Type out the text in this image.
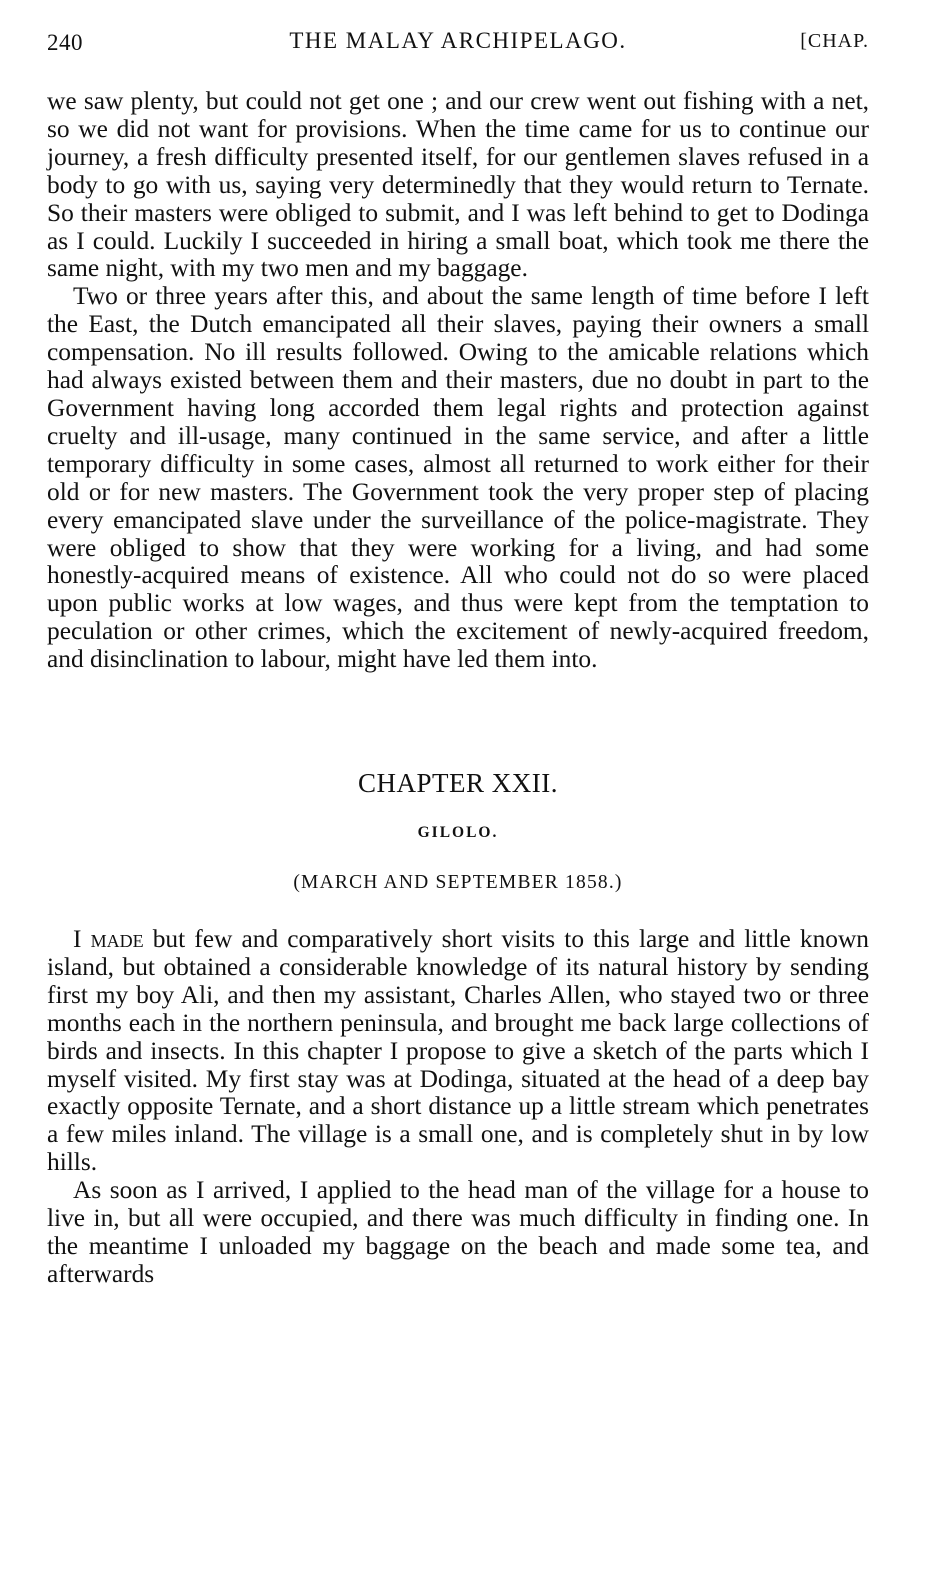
240	THE MALAY ARCHIPELAGO.	[CHAP.

we saw plenty, but could not get one ; and our crew went out fishing with a net, so we did not want for provisions. When the time came for us to continue our journey, a fresh difficulty presented itself, for our gentlemen slaves refused in a body to go with us, saying very determinedly that they would return to Ternate. So their masters were obliged to submit, and I was left behind to get to Dodinga as I could. Luckily I succeeded in hiring a small boat, which took me there the same night, with my two men and my baggage.

Two or three years after this, and about the same length of time before I left the East, the Dutch emancipated all their slaves, paying their owners a small compensation. No ill results followed. Owing to the amicable relations which had always existed between them and their masters, due no doubt in part to the Government having long accorded them legal rights and protection against cruelty and ill-usage, many continued in the same service, and after a little temporary difficulty in some cases, almost all returned to work either for their old or for new masters. The Government took the very proper step of placing every emancipated slave under the surveillance of the police-magistrate. They were obliged to show that they were working for a living, and had some honestly-acquired means of existence. All who could not do so were placed upon public works at low wages, and thus were kept from the temptation to peculation or other crimes, which the excitement of newly-acquired freedom, and disinclination to labour, might have led them into.

CHAPTER XXII.
GILOLO.
(MARCH AND SEPTEMBER 1858.)

I made but few and comparatively short visits to this large and little known island, but obtained a considerable knowledge of its natural history by sending first my boy Ali, and then my assistant, Charles Allen, who stayed two or three months each in the northern peninsula, and brought me back large collections of birds and insects. In this chapter I propose to give a sketch of the parts which I myself visited. My first stay was at Dodinga, situated at the head of a deep bay exactly opposite Ternate, and a short distance up a little stream which penetrates a few miles inland. The village is a small one, and is completely shut in by low hills.

As soon as I arrived, I applied to the head man of the village for a house to live in, but all were occupied, and there was much difficulty in finding one. In the meantime I unloaded my baggage on the beach and made some tea, and afterwards
